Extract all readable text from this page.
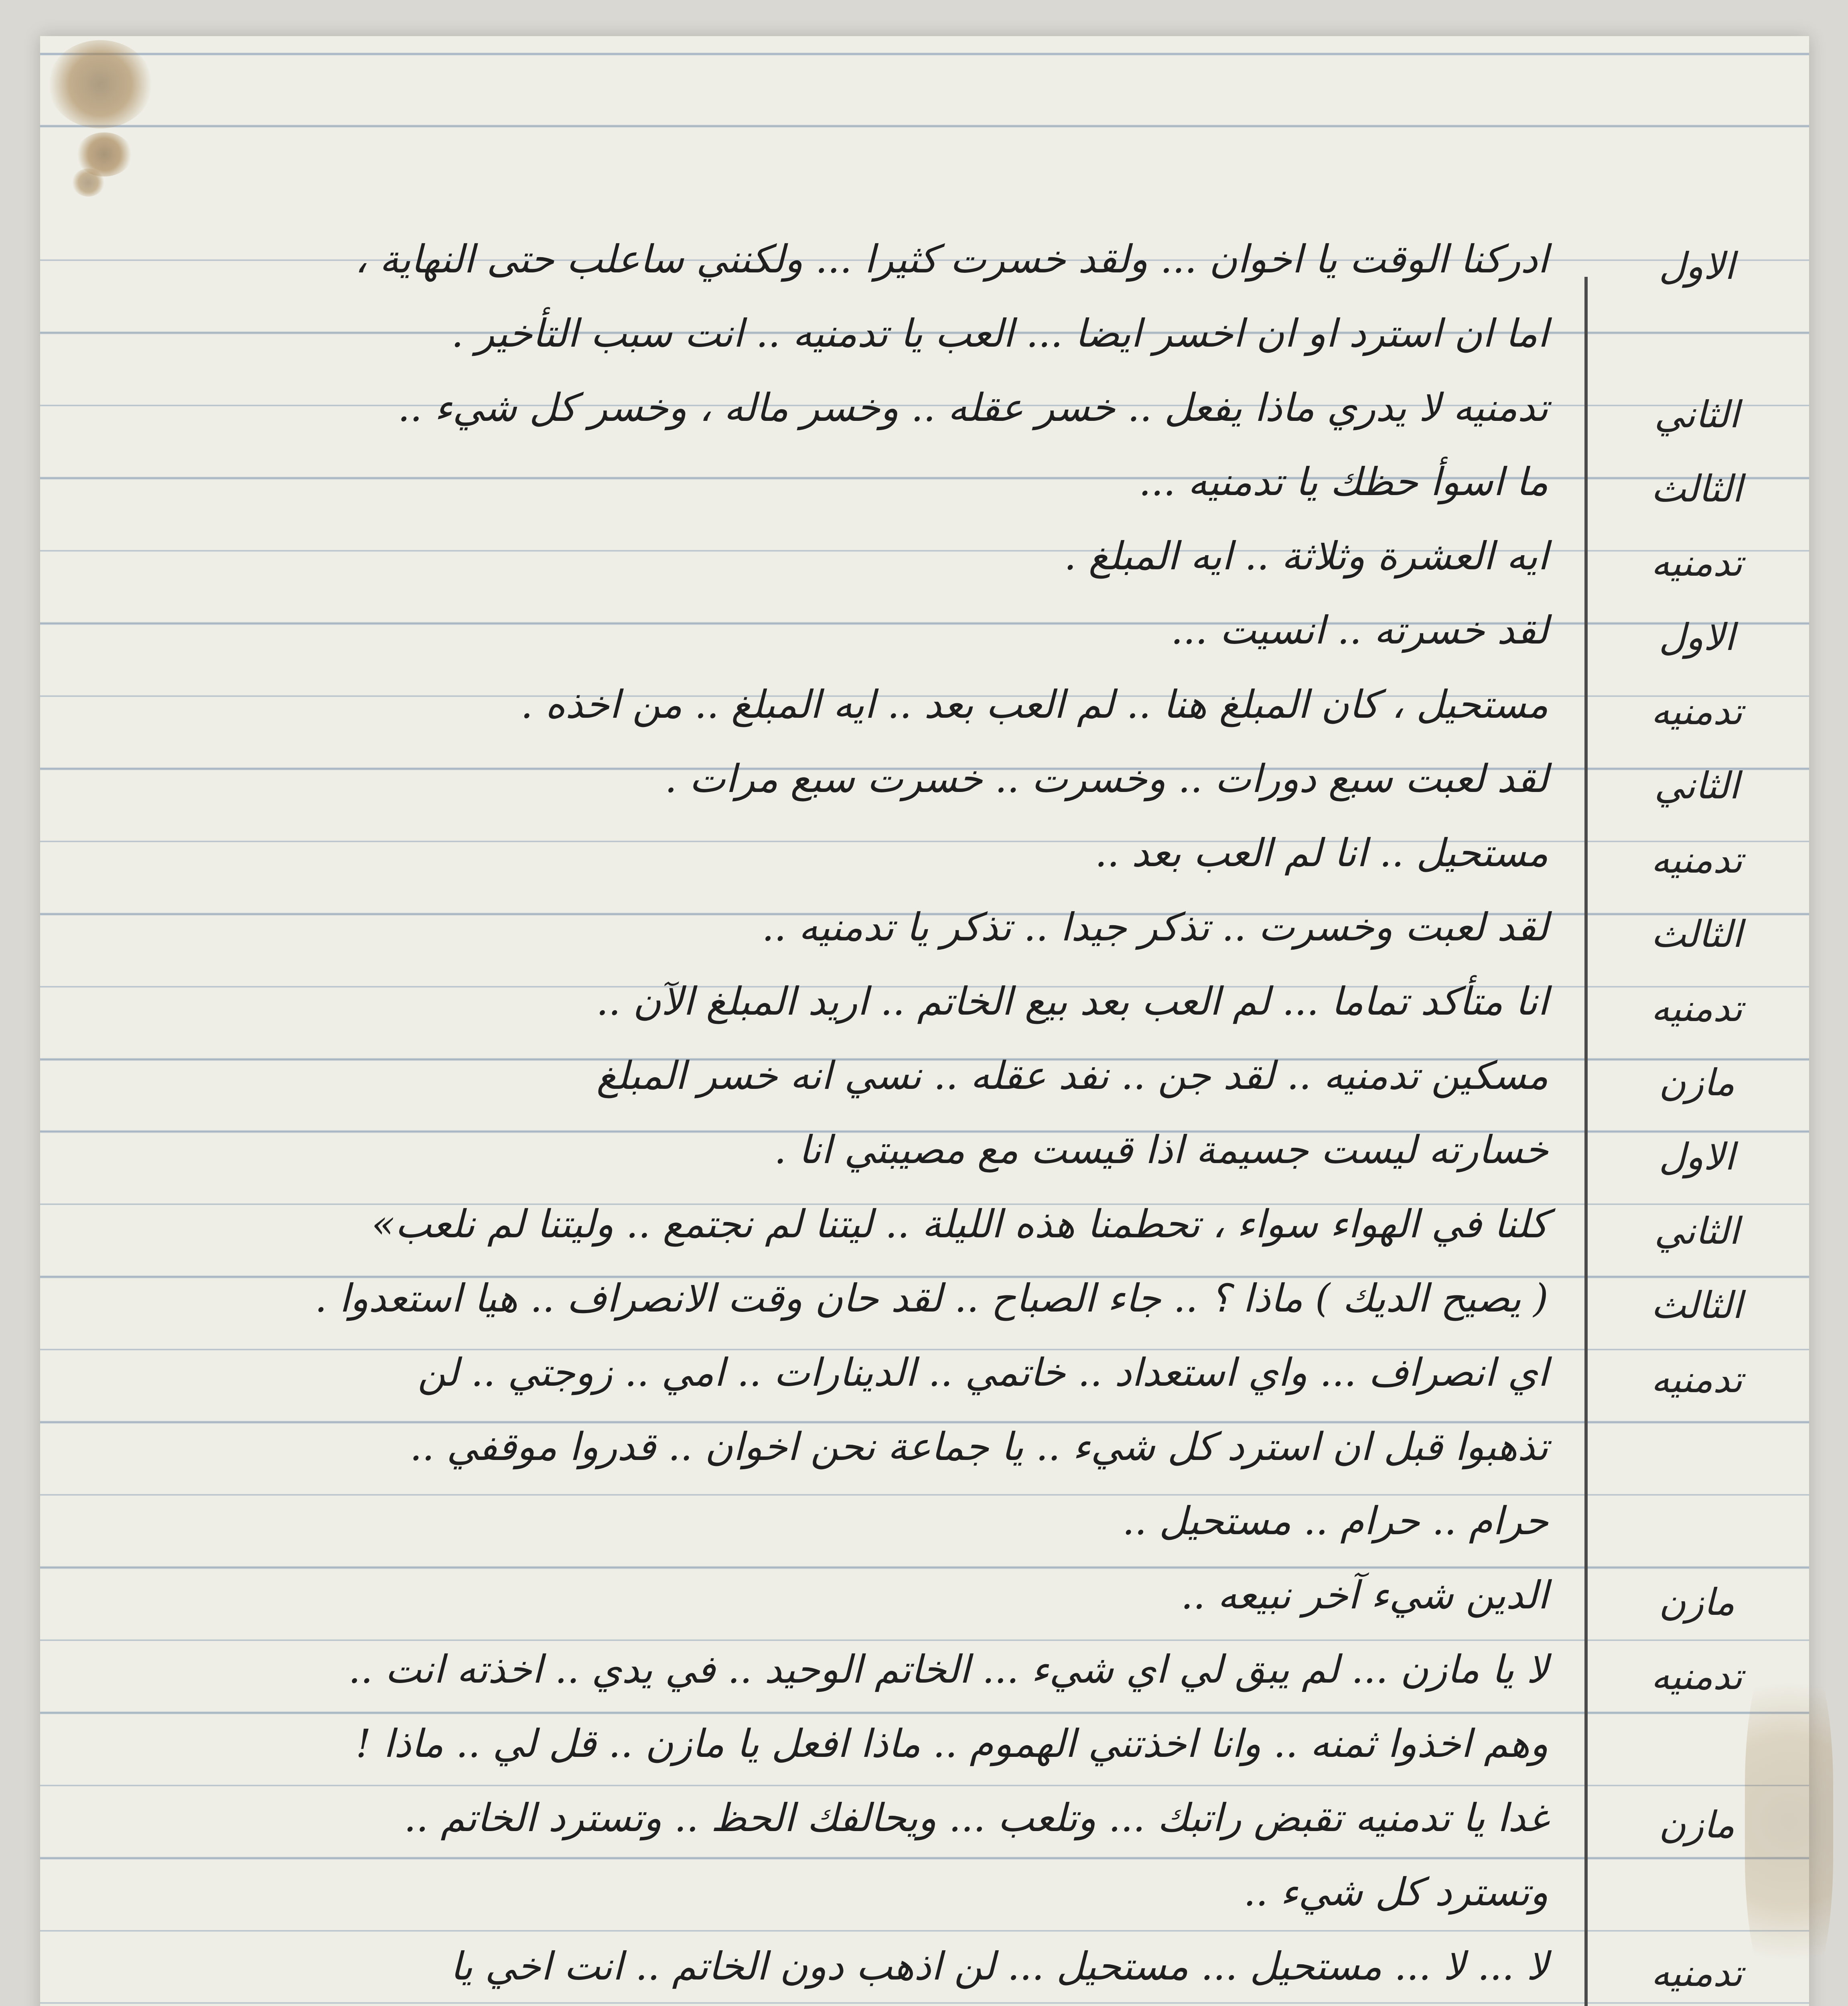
الاول
ادركنا الوقت يا اخوان ... ولقد خسرت كثيرا ... ولكنني ساعلب حتى النهاية ،
اما ان استرد او ان اخسر ايضا ... العب يا تدمنيه .. انت سبب التأخير .
الثاني
تدمنيه لا يدري ماذا يفعل .. خسر عقله .. وخسر ماله ، وخسر كل شيء ..
الثالث
ما اسوأ حظك يا تدمنيه ...
تدمنيه
ايه العشرة وثلاثة .. ايه المبلغ .
الاول
لقد خسرته .. انسيت ...
تدمنيه
مستحيل ، كان المبلغ هنا .. لم العب بعد .. ايه المبلغ .. من اخذه .
الثاني
لقد لعبت سبع دورات .. وخسرت .. خسرت سبع مرات .
تدمنيه
مستحيل .. انا لم العب بعد ..
الثالث
لقد لعبت وخسرت .. تذكر جيدا .. تذكر يا تدمنيه ..
تدمنيه
انا متأكد تماما ... لم العب بعد بيع الخاتم .. اريد المبلغ الآن ..
مازن
مسكين تدمنيه .. لقد جن .. نفد عقله .. نسي انه خسر المبلغ
الاول
خسارته ليست جسيمة اذا قيست مع مصيبتي انا .
الثاني
كلنا في الهواء سواء ، تحطمنا هذه الليلة .. ليتنا لم نجتمع .. وليتنا لم نلعب»
الثالث
( يصيح الديك ) ماذا ؟ .. جاء الصباح .. لقد حان وقت الانصراف .. هيا استعدوا .
تدمنيه
اي انصراف ... واي استعداد .. خاتمي .. الدينارات .. امي .. زوجتي .. لن
تذهبوا قبل ان استرد كل شيء .. يا جماعة نحن اخوان .. قدروا موقفي ..
حرام .. حرام .. مستحيل ..
مازن
الدين شيء آخر نبيعه ..
تدمنيه
لا يا مازن ... لم يبق لي اي شيء ... الخاتم الوحيد .. في يدي .. اخذته انت ..
وهم اخذوا ثمنه .. وانا اخذتني الهموم .. ماذا افعل يا مازن .. قل لي .. ماذا !
مازن
غدا يا تدمنيه تقبض راتبك ... وتلعب ... ويحالفك الحظ .. وتسترد الخاتم ..
وتسترد كل شيء ..
تدمنيه
لا ... لا ... مستحيل ... مستحيل ... لن اذهب دون الخاتم .. انت اخي يا
